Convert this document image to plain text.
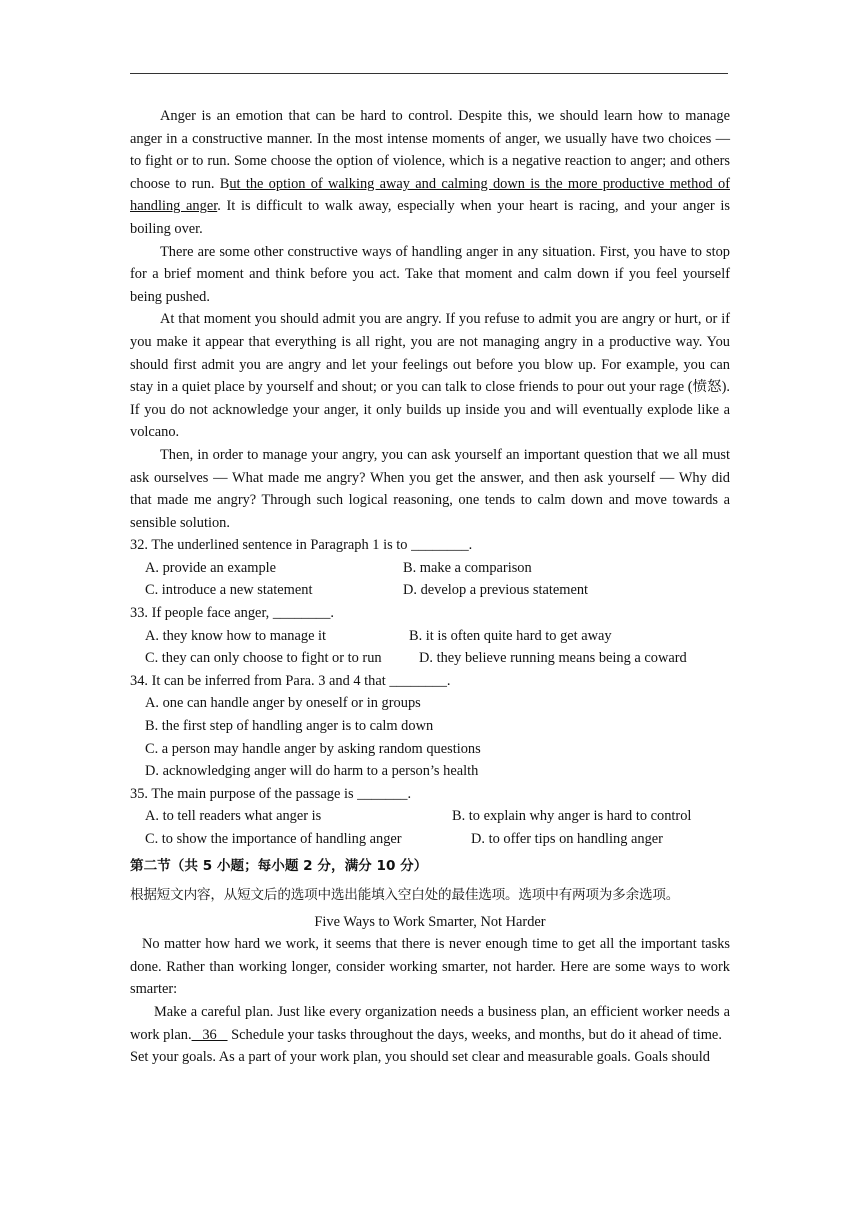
Anger is an emotion that can be hard to control. Despite this, we should learn how to manage anger in a constructive manner. In the most intense moments of anger, we usually have two choices — to fight or to run. Some choose the option of violence, which is a negative reaction to anger; and others choose to run. But the option of walking away and calming down is the more productive method of handling anger. It is difficult to walk away, especially when your heart is racing, and your anger is boiling over.

There are some other constructive ways of handling anger in any situation. First, you have to stop for a brief moment and think before you act. Take that moment and calm down if you feel yourself being pushed.

At that moment you should admit you are angry. If you refuse to admit you are angry or hurt, or if you make it appear that everything is all right, you are not managing angry in a productive way. You should first admit you are angry and let your feelings out before you blow up. For example, you can stay in a quiet place by yourself and shout; or you can talk to close friends to pour out your rage (愤怒). If you do not acknowledge your anger, it only builds up inside you and will eventually explode like a volcano.

Then, in order to manage your angry, you can ask yourself an important question that we all must ask ourselves — What made me angry? When you get the answer, and then ask yourself — Why did that made me angry? Through such logical reasoning, one tends to calm down and move towards a sensible solution.

32. The underlined sentence in Paragraph 1 is to ________.
A. provide an example	B. make a comparison
C. introduce a new statement	D. develop a previous statement
33. If people face anger, ________.
A. they know how to manage it	B. it is often quite hard to get away
C. they can only choose to fight or to run	D. they believe running means being a coward
34. It can be inferred from Para. 3 and 4 that ________.
A. one can handle anger by oneself or in groups
B. the first step of handling anger is to calm down
C. a person may handle anger by asking random questions
D. acknowledging anger will do harm to a person’s health
35. The main purpose of the passage is _______.
A. to tell readers what anger is	B. to explain why anger is hard to control
C. to show the importance of handling anger	D. to offer tips on handling anger
第二节（共 5 小题；每小题 2 分，满分 10 分）
根据短文内容，从短文后的选项中选出能填入空白处的最佳选项。选项中有两项为多余选项。
Five Ways to Work Smarter, Not Harder

No matter how hard we work, it seems that there is never enough time to get all the important tasks done. Rather than working longer, consider working smarter, not harder. Here are some ways to work smarter:

Make a careful plan. Just like every organization needs a business plan, an efficient worker needs a work plan.   36    Schedule your tasks throughout the days, weeks, and months, but do it ahead of time.

Set your goals. As a part of your work plan, you should set clear and measurable goals. Goals should
